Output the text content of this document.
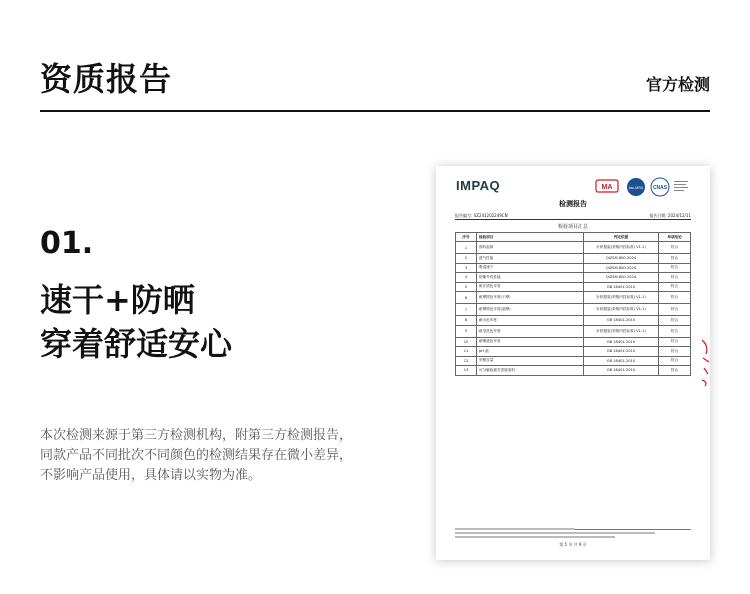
资质报告	官方检测
01.
速干+防晒
穿着舒适安心
本次检测来源于第三方检测机构，附第三方检测报告，
同款产品不同批次不同颜色的检测结果存在微小差异，
不影响产品使用，具体请以实物为准。
IMPAQ	MA	ilac-MRA CNAS
检测报告
报告编号: SZ241202249CN	报告日期: 2024/12/11
检验项目汇总
序号	检验项目	判定依据	单项结论
1	面料起球	针织服装(采购内控标准) V1.1)	符合
2	透气性能	QIZSM-800-2024	符合
3	吸湿速干	QIZSM-800-2024	符合
4	防紫外线性能	QIZSM-800-2024	符合
5	耐汗渍色牢度	GB 18401-2010	符合
6	耐摩擦色牢度(干摩)	针织服装(采购内控标准) V1.1)	符合
7	耐摩擦色牢度(湿摩)	针织服装(采购内控标准) V1.1)	符合
8	耐水色牢度	GB 18401-2010	符合
9	耐皂洗色牢度	针织服装(采购内控标准) V1.1)	符合
10	耐唾液色牢度	GB 18401-2010	符合
11	pH 值	GB 18401-2010	符合
12	甲醛含量	GB 18401-2010	符合
13	可分解致癌芳香胺染料	GB 18401-2010	符合
第 5 页 共 9 页
